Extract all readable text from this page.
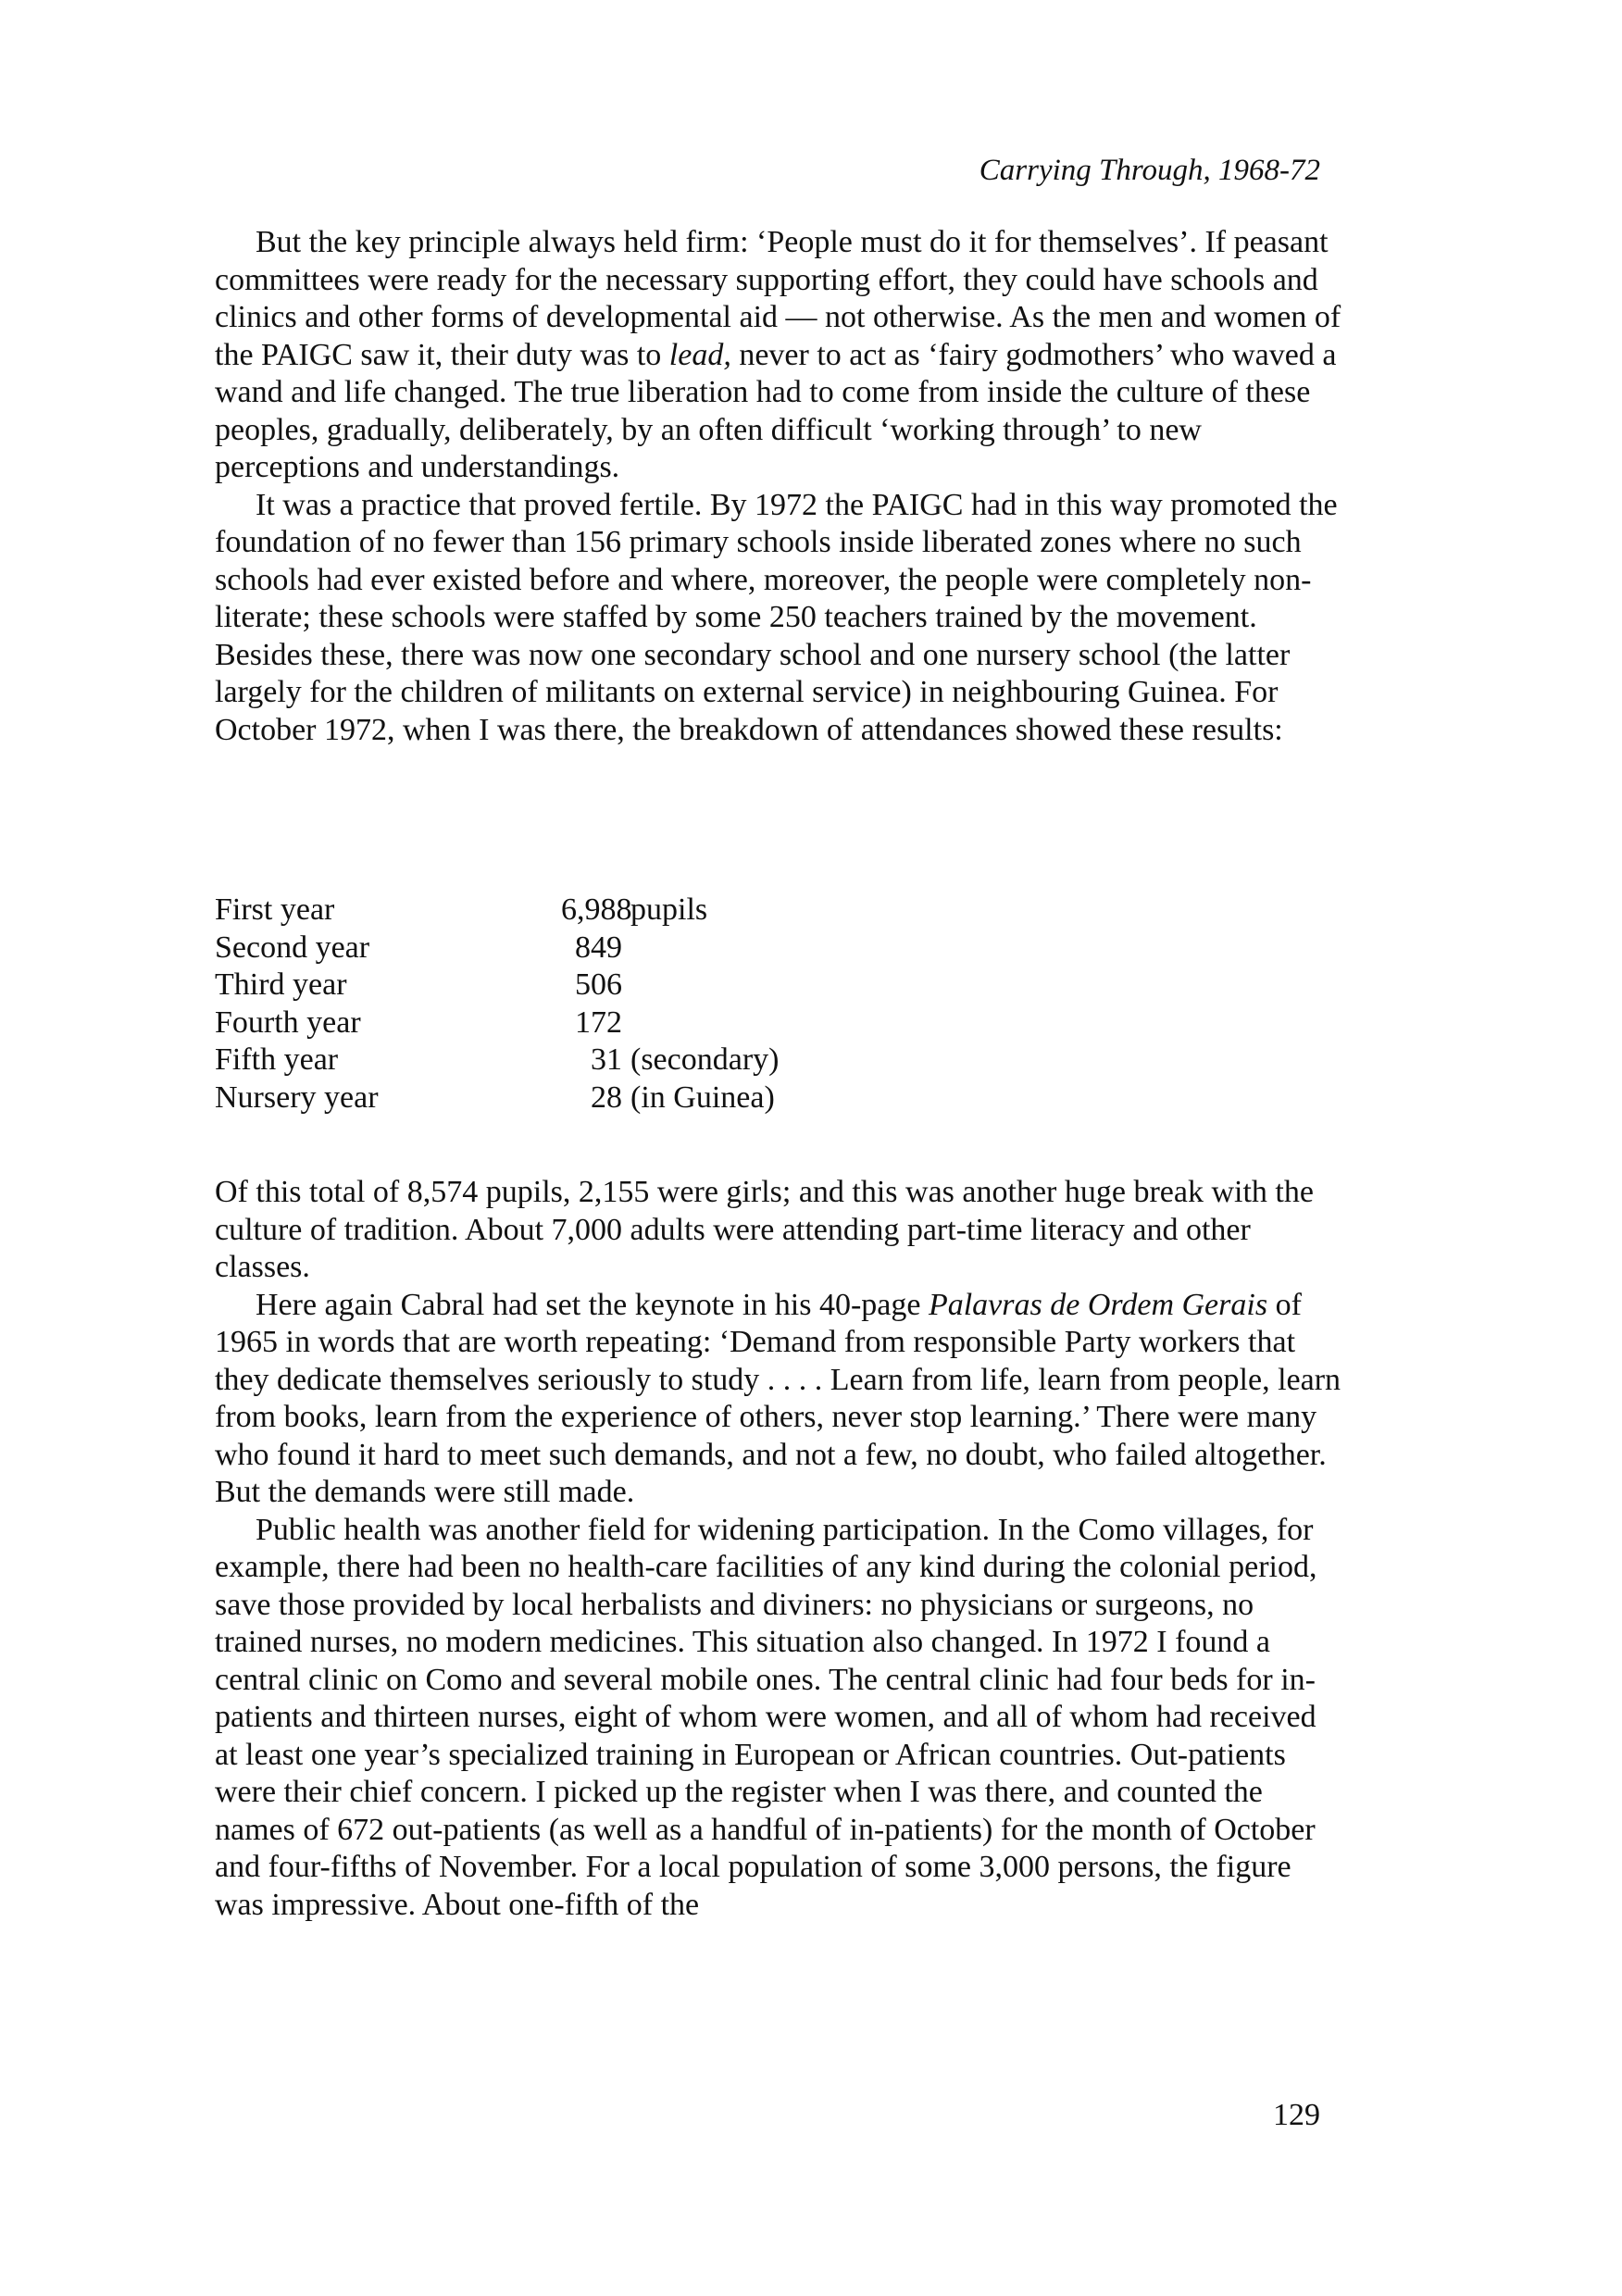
Carrying Through, 1968-72

But the key principle always held firm: ‘People must do it for themselves’. If peasant committees were ready for the necessary supporting effort, they could have schools and clinics and other forms of developmental aid — not otherwise. As the men and women of the PAIGC saw it, their duty was to lead, never to act as ‘fairy godmothers’ who waved a wand and life changed. The true liberation had to come from inside the culture of these peoples, gradually, deliberately, by an often difficult ‘working through’ to new perceptions and understandings.

It was a practice that proved fertile. By 1972 the PAIGC had in this way promoted the foundation of no fewer than 156 primary schools inside liberated zones where no such schools had ever existed before and where, moreover, the people were completely non-literate; these schools were staffed by some 250 teachers trained by the movement. Besides these, there was now one secondary school and one nursery school (the latter largely for the children of militants on external service) in neighbouring Guinea. For October 1972, when I was there, the breakdown of attendances showed these results:

First year	6,988pupils
Second year	849
Third year	506
Fourth year	172
Fifth year	31 (secondary)
Nursery year	28 (in Guinea)

Of this total of 8,574 pupils, 2,155 were girls; and this was another huge break with the culture of tradition. About 7,000 adults were attending part-time literacy and other classes.

Here again Cabral had set the keynote in his 40-page Palavras de Ordem Gerais of 1965 in words that are worth repeating: ‘Demand from responsible Party workers that they dedicate themselves seriously to study . . . . Learn from life, learn from people, learn from books, learn from the experience of others, never stop learning.’ There were many who found it hard to meet such demands, and not a few, no doubt, who failed altogether. But the demands were still made.

Public health was another field for widening participation. In the Como villages, for example, there had been no health-care facilities of any kind during the colonial period, save those provided by local herbalists and diviners: no physicians or surgeons, no trained nurses, no modern medicines. This situation also changed. In 1972 I found a central clinic on Como and several mobile ones. The central clinic had four beds for in-patients and thirteen nurses, eight of whom were women, and all of whom had received at least one year’s specialized training in European or African countries. Out-patients were their chief concern. I picked up the register when I was there, and counted the names of 672 out-patients (as well as a handful of in-patients) for the month of October and four-fifths of November. For a local population of some 3,000 persons, the figure was impressive. About one-fifth of the

129
